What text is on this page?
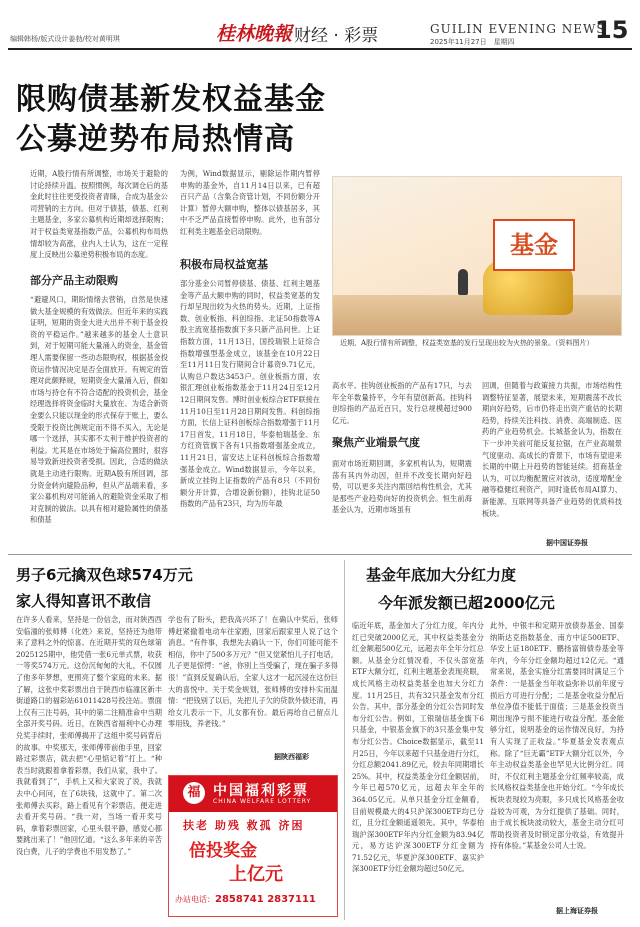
编辑韩杨/版式设计姜勃/校对黄明琪	桂林晚報 财经 · 彩票	GUILIN EVENING NEWS
2025年11月27日　星期四	15
限购债基新发权益基金
公募逆势布局热情高
近期，A股行情有所调整，市场关于避险的讨论持续升温。按照惯例，每次调仓后的基金此时往往更受投资者青睐，合成为基金公司营销的主方向。但对于债基，债基、红利主题基金，多家公募机构近期却选择限购；对于权益类宽基指数产品，公募机构布局热情却较为高涨，业内人士认为，这在一定程度上反映出公募逆势积极布局的态度。
部分产品主动限购
“避避风口，期盼情绪去营销，自然是快速做大基金规模的有效做法。但近年来的实践证明，短期的资金大进大出并不利于基金投资的平稳运作。”越来越多的基金人士意识到，对于短期可能大量涌入的资金，基金管理人需要保留一些动态限购权，根据基金投资运作情况决定是否全面放开。有规定的管理对此颇释规，短期资金大量涌入后，假如市场与持仓有不符合适配的投资机会，基金经理选择将资金临时大量放在。为适合新资金要么只能以现金的形式保存于账上，要么受限于投资比例规定而不得不买入，无论是哪一个选择，其实都不太利于维护投资者的利益。尤其是在市场处于偏高位置时，很容易导致新进投资者受损。因此，合适的做法就是主动进行限购。近期A股有所回调，部分资金转向避险品种，但从产品端来看，多家公募机构对可能涌入的避险资金采取了相对克制的做法。以具有相对避险属性的债基和债基
为例，Wind数据显示，剔除运作期内暂停申购的基金外，自11月14日以来，已有超百只产品（含集合资管计划，不同份额分开计算）暂停大额申购，整体以债基居多，其中不乏严品直接暂停申购。此外，也有部分红利类主题基金启动限购。
积极布局权益宽基
部分基金公司暂停债基、债基、红利主题基金等产品大额申购的同时，权益类宽基的发行却呈现出较为火热的势头。近期，上证指数、创业板指、科创综指、北证50指数等A股主流宽基指数旗下多只新产品问世。上证指数方面，11月13日，国投瑞银上证综合指数增强型基金成立，该基金在10月22日至11月11日发行期间合计募资9.71亿元，认购总户数达3453户。创业板指方面，农银汇理创业板指数基金于11月24日至12月12日期间发售。博时创业板综合ETF联接在11月10日至11月28日期间发售。科创综指方面，长信上证科创板综合指数增强于11月17日首发，11月18日，华泰柏瑞基金、东方红资管旗下各有1只指数增强基金成立，11月21日，富安达上证科创板综合指数增强基金成立。Wind数据显示，今年以来，新成立挂钩上证指数的产品有8只（不同份额分开计算，合增设新份额），挂钩北证50指数的产品有23只，均为历年最
基金
近期，A股行情有所调整，权益类宽基的发行呈现出较为火热的景象。（资料图片）
高水平。挂钩创业板指的产品有17只，与去年全年数量持平，今年有望创新高。挂钩科创综指的产品近百只，发行总规模超过900亿元。
聚焦产业端景气度
面对市场近期回调，多家机构认为，短期震荡有其内外动因，但并不改变长期向好趋势，可以更多关注内需回结构性机会，尤其是那些产业趋势向好的投资机会。恒生前海基金认为，近期市场虽有
回调，但随着与政策接力共振，市场结构性调整特征显著，展望未来，短期震荡不改长期向好趋势，后市仍将走出资产重估的长期趋势，持续关注科技、消费、高端制造、医药的产业趋势机会。长城基金认为，指数在下一步冲关前可能反复拉锯，在产业高端景气度驱动、高成长的背景下，市场有望迎来长期的中期上升趋势的智能延续。招商基金认为，可以均衡配置应对波动，适度增配金融等稳健红利资产，同时逢低布局AI算力、新能源、互联网等具备产业趋势的优质科技板块。
据中国证券报
男子6元擒双色球574万元
家人得知喜讯不敢信
在许多人看来，坚持是一份信念，而对陕西西安临潼的张师傅（化姓）来说，坚持还为他带来了意料之外的惊喜。在近期开奖的双色球第2025125期中，他凭借一张6元单式票，收获一等奖574万元。这份沉甸甸的大礼，不仅圆了他多年梦想，更照亮了整个家庭的未来。据了解，这张中奖彩票出自于陕西市临潼区新丰街道路口的福彩站61011428号投注站。票面上仅有三注号码，其中的第二注精准命中当期全部开奖号码。近日，在陕西省福利中心办理兑奖手续时，张师傅揭开了这组中奖号码背后的故事。中奖那天，张师傅带前他手里，回家路过彩票店，就去把“心里惦记着”打上。“种表当时就跟着拿着彩票，我们从家，我中了。我就看到了”，手机上又和大家说了说，我就去中心问问，在了6块钱，这就中了。第二次张师傅去买彩，路上看见有个彩票店，便走进去看开奖号码。“我一对，当场一看开奖号码，拿着彩票回家，心里头很平静，感觉心都要跳出来了！”他回忆道。“这么多年来的辛苦没白费，儿子的学费也不用发愁了。”
学也有了盼头，把我高兴坏了！在确认中奖后，张师傅赶紧撤着电动车往家跑，回家后跟家里人说了这个消息。“有件事，我想先去确认一下，你们可能可能不相信，你中了500多万元？”但又觉紧怕儿子打电话，儿子更是惊愕：“爸，你别上当受骗了，现在骗子多得很！”直到反复确认后，全家人这才一起沉浸在这份巨大的喜悦中。关于奖金规划，张师傅的安排朴实而温情：“把钱别了以后，先把儿子欠的贷款外债还清，再给女儿表示一下，儿女都有份。最后再给自己留点儿零用钱，养老钱。”
据陕西福彩
福 中国福利彩票
CHINA WELFARE LOTTERY
扶老 助残 救孤 济困
倍投奖金
上亿元
办站电话：2858741 2837111
基金年底加大分红力度
今年派发额已超2000亿元
临近年底，基金加大了分红力度，年内分红已突破2000亿元，其中权益类基金分红金额超500亿元，远超去年全年分红总额。从基金分红情况看，不仅头部宽基ETF大额分红，红利主题基金表现亮眼，成长风格主动权益类基金也加大分红力度。11月25日，共有32只基金发布分红公告。其中，部分基金的分红公告同时发布分红公告。例如，工银瑞信基金旗下6只基金，中银基金旗下的3只基金集中发布分红公告。Choice数据显示，截至11月25日，今年以来超千只基金进行分红，分红总额2041.89亿元，较去年同期增长25%。其中，权益类基金分红金额居前，今年已超570亿元，远超去年全年的364.05亿元。从单只基金分红金额看，目前规模最大的4只沪深300ETF均已分红，且分红金额遥遥领先。其中，华泰柏瑞沪深300ETF年内分红金额为83.94亿元，易方达沪深300ETF分红金额为71.52亿元，华夏沪深300ETF、嘉实沪深300ETF分红金额均超过50亿元。
此外，中银丰和定期开放债券基金、国泰纳斯达克指数基金、南方中证500ETF、华安上证180ETF、鹏扬富锦债券基金等年内，今年分红金额均超过12亿元。“通常来说，基金实施分红需要同时满足三个条件：一是基金当年收益弥补以前年度亏损后方可进行分配；二是基金收益分配后单位净值不能低于面值；三是基金投资当期出现净亏损不能进行收益分配。基金能够分红，说明基金的运作情况良好，为持有人实现了正收益。”华夏基金发表观点称。除了“巨无霸”ETF大额分红以外，今年主动权益类基金也罕见大比例分红。同时，不仅红利主题基金分红频率较高，成长风格权益类基金也开始分红。“今年成长板块表现较为亮眼，多只成长风格基金收益较为可观，为分红提供了基础。同时，由于成长板块波动较大，基金主动分红可帮助投资者及时锁定部分收益，有效提升持有体验。”某基金公司人士说。
据上海证券报
